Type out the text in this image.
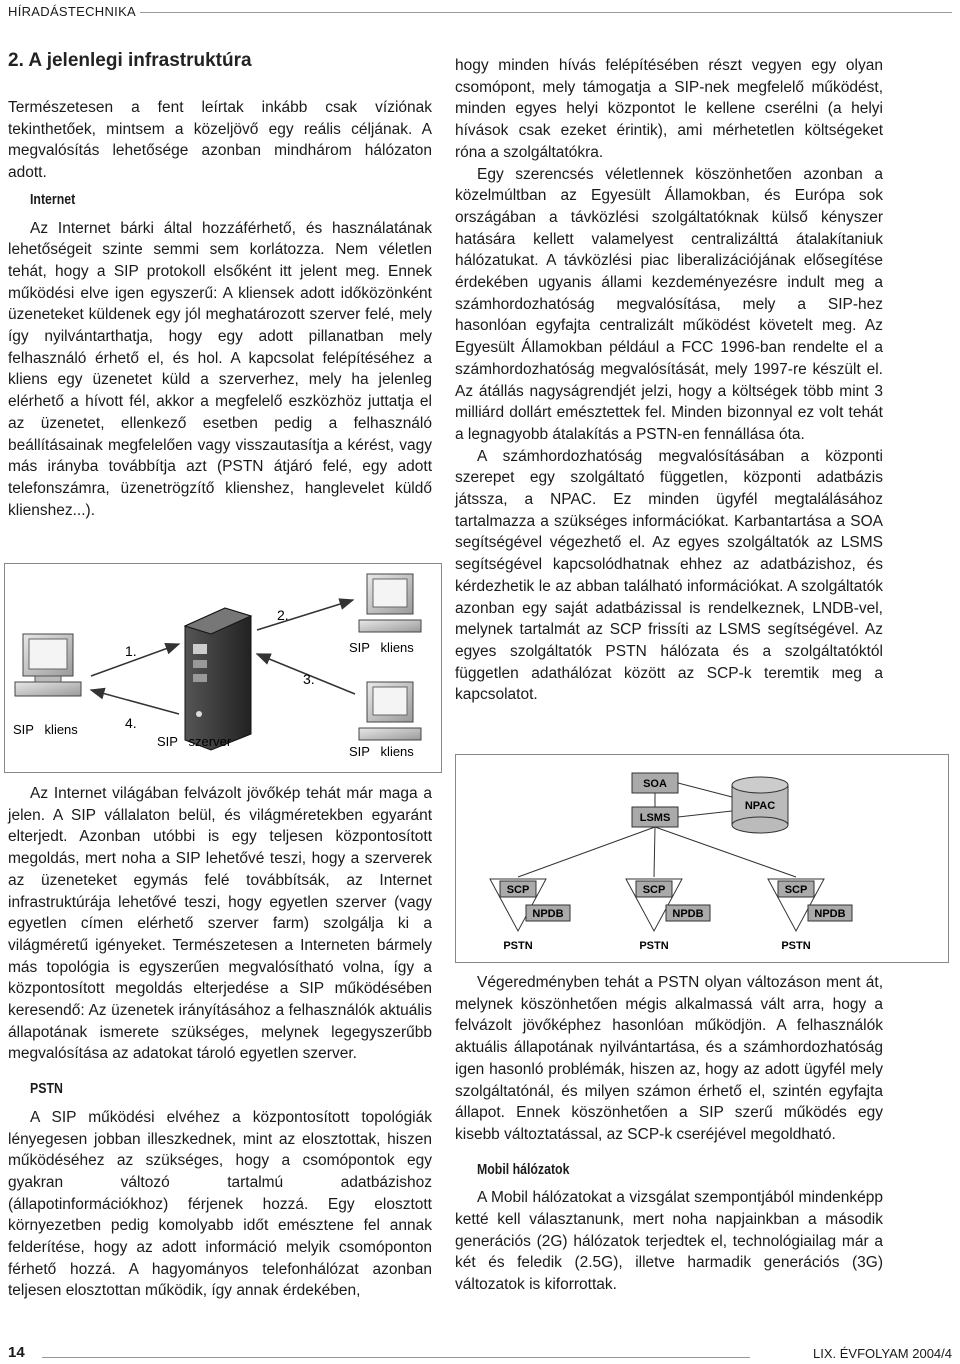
HÍRADÁSTECHNIKA
2. A jelenlegi infrastruktúra

Természetesen a fent leírtak inkább csak víziónak tekinthetőek, mintsem a közeljövő egy reális céljának. A megvalósítás lehetősége azonban mindhárom hálózaton adott.

Internet

Az Internet bárki által hozzáférhető, és használatának lehetőségeit szinte semmi sem korlátozza. Nem véletlen tehát, hogy a SIP protokoll elsőként itt jelent meg. Ennek működési elve igen egyszerű: A kliensek adott időközönként üzeneteket küldenek egy jól meghatározott szerver felé, mely így nyilvántarthatja, hogy egy adott pillanatban mely felhasználó érhető el, és hol. A kapcsolat felépítéséhez a kliens egy üzenetet küld a szerverhez, mely ha jelenleg elérhető a hívott fél, akkor a megfelelő eszközhöz juttatja el az üzenetet, ellenkező esetben pedig a felhasználó beállításainak megfelelően vagy visszautasítja a kérést, vagy más irányba továbbítja azt (PSTN átjáró felé, egy adott telefonszámra, üzenetrögzítő klienshez, hanglevelet küldő klienshez...).

1.
2.
3.
4.
SIP   kliens
SIP   szerver
SIP   kliens
SIP   kliens

Az Internet világában felvázolt jövőkép tehát már maga a jelen. A SIP vállalaton belül, és világméretekben egyaránt elterjedt. Azonban utóbbi is egy teljesen központosított megoldás, mert noha a SIP lehetővé teszi, hogy a szerverek az üzeneteket egymás felé továbbítsák, az Internet infrastruktúrája lehetővé teszi, hogy egyetlen szerver (vagy egyetlen címen elérhető szerver farm) szolgálja ki a világméretű igényeket. Természetesen a Interneten bármely más topológia is egyszerűen megvalósítható volna, így a központosított megoldás elterjedése a SIP működésében keresendő: Az üzenetek irányításához a felhasználók aktuális állapotának ismerete szükséges, melynek legegyszerűbb megvalósítása az adatokat tároló egyetlen szerver.

PSTN

A SIP működési elvéhez a központosított topológiák lényegesen jobban illeszkednek, mint az elosztottak, hiszen működéséhez az szükséges, hogy a csomópontok egy gyakran változó tartalmú adatbázishoz (állapotinformációkhoz) férjenek hozzá. Egy elosztott környezetben pedig komolyabb időt emésztene fel annak felderítése, hogy az adott információ melyik csomóponton férhető hozzá. A hagyományos telefonhálózat azonban teljesen elosztottan működik, így annak érdekében,

hogy minden hívás felépítésében részt vegyen egy olyan csomópont, mely támogatja a SIP-nek megfelelő működést, minden egyes helyi központot le kellene cserélni (a helyi hívások csak ezeket érintik), ami mérhetetlen költségeket róna a szolgáltatókra.

Egy szerencsés véletlennek köszönhetően azonban a közelmúltban az Egyesült Államokban, és Európa sok országában a távközlési szolgáltatóknak külső kényszer hatására kellett valamelyest centralizálttá átalakítaniuk hálózatukat. A távközlési piac liberalizációjának elősegítése érdekében ugyanis állami kezdeményezésre indult meg a számhordozhatóság megvalósítása, mely a SIP-hez hasonlóan egyfajta centralizált működést követelt meg. Az Egyesült Államokban például a FCC 1996-ban rendelte el a számhordozhatóság megvalósítását, mely 1997-re készült el. Az átállás nagyságrendjét jelzi, hogy a költségek több mint 3 milliárd dollárt emésztettek fel. Minden bizonnyal ez volt tehát a legnagyobb átalakítás a PSTN-en fennállása óta.

A számhordozhatóság megvalósításában a központi szerepet egy szolgáltató független, központi adatbázis játssza, a NPAC. Ez minden ügyfél megtalálásához tartalmazza a szükséges információkat. Karbantartása a SOA segítségével végezhető el. Az egyes szolgáltatók az LSMS segítségével kapcsolódhatnak ehhez az adatbázishoz, és kérdezhetik le az abban található információkat. A szolgáltatók azonban egy saját adatbázissal is rendelkeznek, LNDB-vel, melynek tartalmát az SCP frissíti az LSMS segítségével. Az egyes szolgáltatók PSTN hálózata és a szolgáltatóktól független adathálózat között az SCP-k teremtik meg a kapcsolatot.

SOA
LSMS
NPAC
SCP
NPDB
PSTN
SCP
NPDB
PSTN
SCP
NPDB
PSTN

Végeredményben tehát a PSTN olyan változáson ment át, melynek köszönhetően mégis alkalmassá vált arra, hogy a felvázolt jövőképhez hasonlóan működjön. A felhasználók aktuális állapotának nyilvántartása, és a számhordozhatóság igen hasonló problémák, hiszen az, hogy az adott ügyfél mely szolgáltatónál, és milyen számon érhető el, szintén egyfajta állapot. Ennek köszönhetően a SIP szerű működés egy kisebb változtatással, az SCP-k cseréjével megoldható.

Mobil hálózatok

A Mobil hálózatokat a vizsgálat szempontjából mindenképp ketté kell választanunk, mert noha napjainkban a második generációs (2G) hálózatok terjedtek el, technológiailag már a két és feledik (2.5G), illetve harmadik generációs (3G) változatok is kiforrottak.

14	LIX. ÉVFOLYAM 2004/4
